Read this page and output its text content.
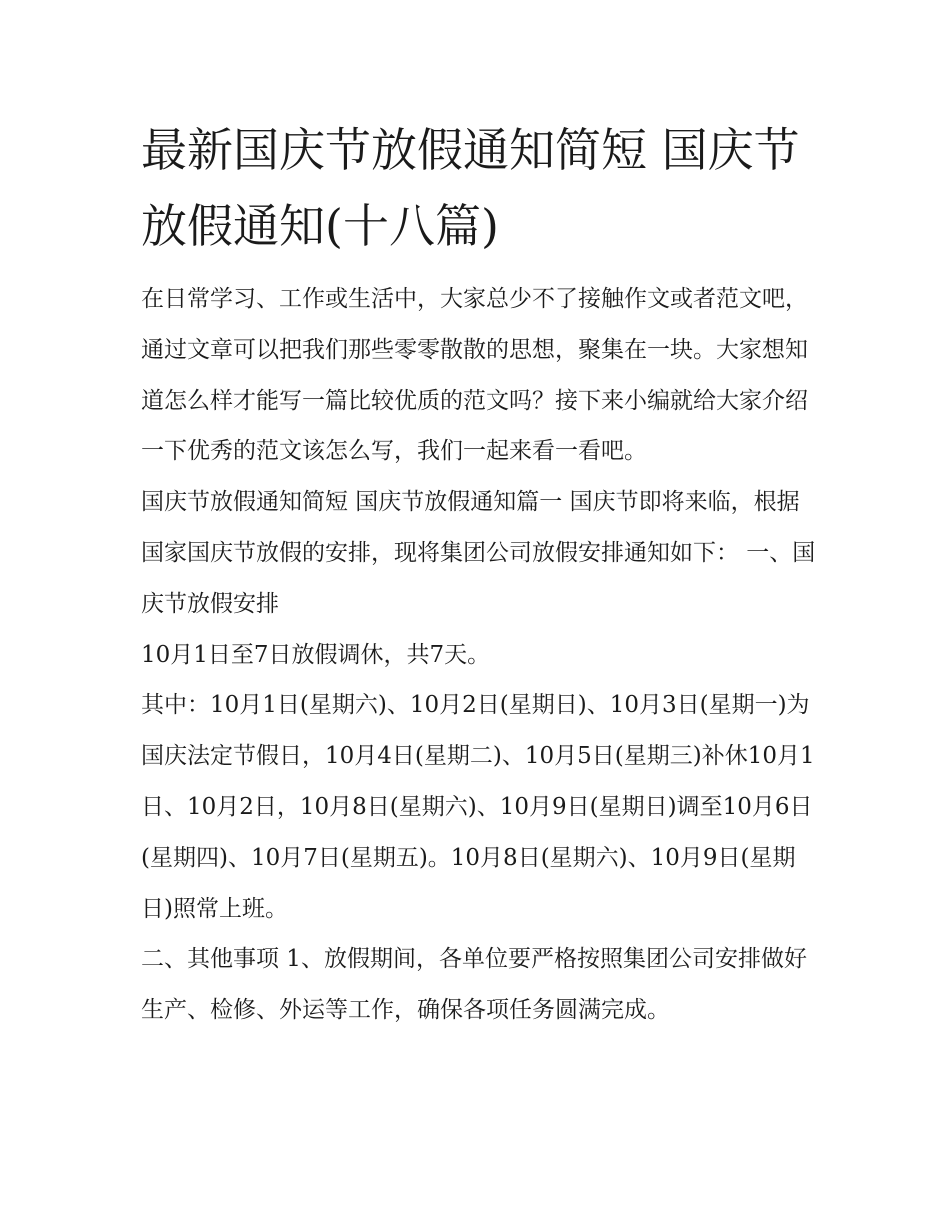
最新国庆节放假通知简短 国庆节放假通知(十八篇)

在日常学习、工作或生活中，大家总少不了接触作文或者范文吧，通过文章可以把我们那些零零散散的思想，聚集在一块。大家想知道怎么样才能写一篇比较优质的范文吗？接下来小编就给大家介绍一下优秀的范文该怎么写，我们一起来看一看吧。

国庆节放假通知简短 国庆节放假通知篇一 国庆节即将来临，根据国家国庆节放假的安排，现将集团公司放假安排通知如下： 一、国庆节放假安排

10月1日至7日放假调休，共7天。

其中：10月1日(星期六)、10月2日(星期日)、10月3日(星期一)为国庆法定节假日，10月4日(星期二)、10月5日(星期三)补休10月1日、10月2日，10月8日(星期六)、10月9日(星期日)调至10月6日(星期四)、10月7日(星期五)。10月8日(星期六)、10月9日(星期日)照常上班。

二、其他事项 1、放假期间，各单位要严格按照集团公司安排做好生产、检修、外运等工作，确保各项任务圆满完成。
